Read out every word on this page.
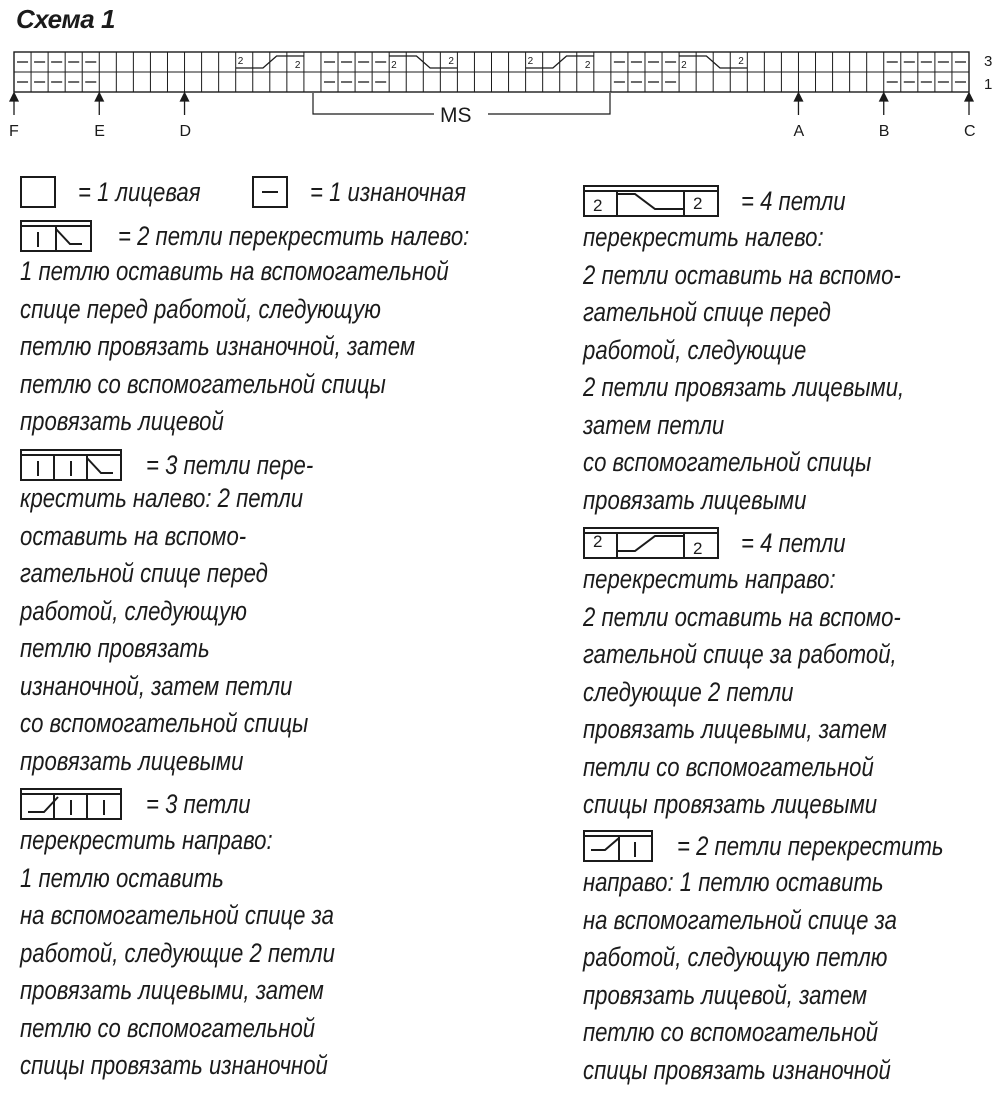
Схема 1
2	2	2	2	2	2	2	2
F	E	D	A	B	C
3
1
MS
= 1 лицевая	= 1 изнаночная
= 2 петли перекрестить налево:
1 петлю оставить на вспомогательной
спице перед работой, следующую
петлю провязать изнаночной, затем
петлю со вспомогательной спицы
провязать лицевой
= 3 петли пере-
крестить налево: 2 петли
оставить на вспомо-
гательной спице перед
работой, следующую
петлю провязать
изнаночной, затем петли
со вспомогательной спицы
провязать лицевыми
= 3 петли
перекрестить направо:
1 петлю оставить
на вспомогательной спице за
работой, следующие 2 петли
провязать лицевыми, затем
петлю со вспомогательной
спицы провязать изнаночной
2	2 = 4 петли
перекрестить налево:
2 петли оставить на вспомо-
гательной спице перед
работой, следующие
2 петли провязать лицевыми,
затем петли
со вспомогательной спицы
провязать лицевыми
2	2 = 4 петли
перекрестить направо:
2 петли оставить на вспомо-
гательной спице за работой,
следующие 2 петли
провязать лицевыми, затем
петли со вспомогательной
спицы провязать лицевыми
= 2 петли перекрестить
направо: 1 петлю оставить
на вспомогательной спице за
работой, следующую петлю
провязать лицевой, затем
петлю со вспомогательной
спицы провязать изнаночной
